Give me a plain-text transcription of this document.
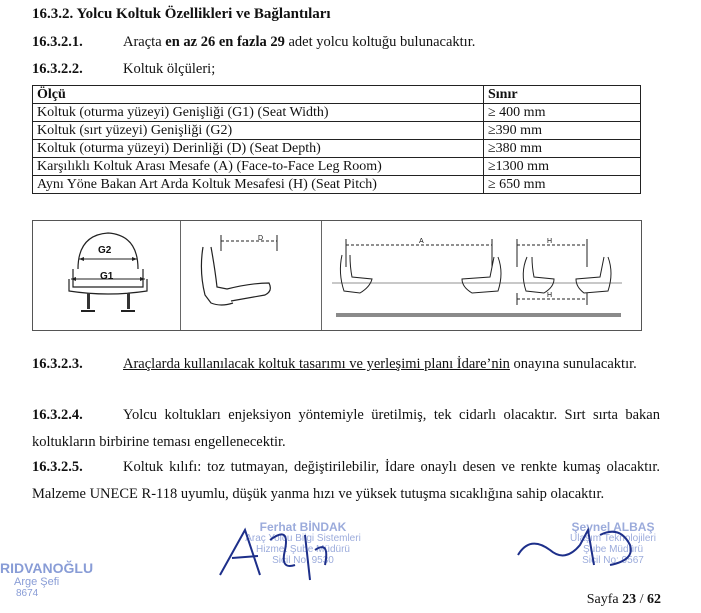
16.3.2. Yolcu Koltuk Özellikleri ve Bağlantıları
16.3.2.1.	Araçta en az 26 en fazla 29 adet yolcu koltuğu bulunacaktır.
16.3.2.2.	Koltuk ölçüleri;
Ölçü	Sınır
Koltuk (oturma yüzeyi) Genişliği (G1) (Seat Width)	≥ 400 mm
Koltuk (sırt yüzeyi) Genişliği (G2)	≥390 mm
Koltuk (oturma yüzeyi) Derinliği (D) (Seat Depth)	≥380 mm
Karşılıklı Koltuk Arası Mesafe (A) (Face-to-Face Leg Room)	≥1300 mm
Aynı Yöne Bakan Art Arda Koltuk Mesafesi (H) (Seat Pitch)	≥ 650 mm
G2
G1
D	A	H
H
16.3.2.3.	Araçlarda kullanılacak koltuk tasarımı ve yerleşimi planı İdare’nin onayına sunulacaktır.
16.3.2.4.	Yolcu koltukları enjeksiyon yöntemiyle üretilmiş, tek cidarlı olacaktır. Sırt sırta bakan koltukların birbirine teması engellenecektir.
16.3.2.5.	Koltuk kılıfı: toz tutmayan, değiştirilebilir, İdare onaylı desen ve renkte kumaş olacaktır. Malzeme UNECE R-118 uyumlu, düşük yanma hızı ve yüksek tutuşma sıcaklığına sahip olacaktır.
Ferhat BİNDAK
Araç Yolcu Bilgi Sistemleri
Hizmet Şube Müdürü
Sicil No: 9530
Şeynel ALBAŞ
Ulaşım Teknolojileri
Şube Müdürü
Sicil No: 9567
RIDVANOĞLU
Arge Şefi
8674	Sayfa 23 / 62
